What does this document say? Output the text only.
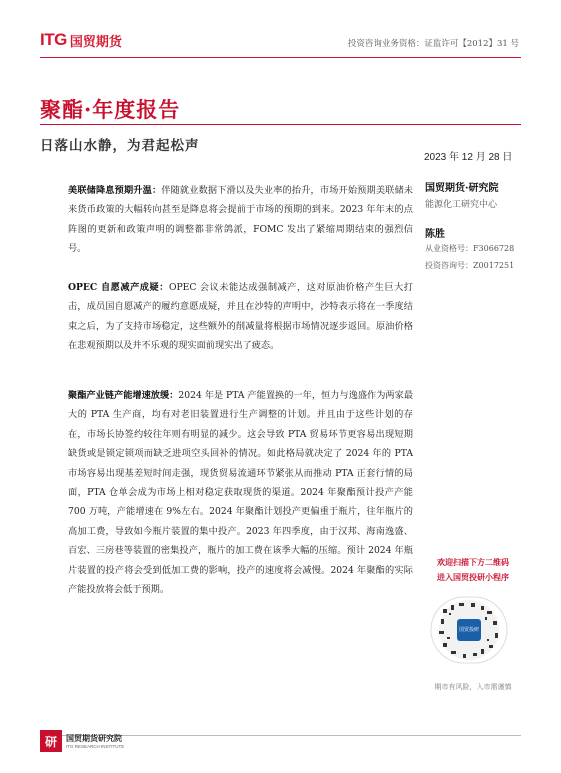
ITG 国贸期货	投资咨询业务资格：证监许可【2012】31 号
聚酯·年度报告
日落山水静，为君起松声
2023 年 12 月 28 日

美联储降息预期升温：伴随就业数据下滑以及失业率的抬升，市场开始预期美联储未来货币政策的大幅转向甚至是降息将会提前于市场的预期的到来。2023 年年末的点阵图的更新和政策声明的调整都非常鸽派，FOMC 发出了紧缩周期结束的强烈信号。

OPEC 自愿减产成疑：OPEC 会议未能达成强制减产，这对原油价格产生巨大打击，成员国自愿减产的履约意愿成疑，并且在沙特的声明中，沙特表示将在一季度结束之后，为了支持市场稳定，这些额外的削减量将根据市场情况逐步返回。原油价格在悲观预期以及并不乐观的现实面前现实出了疲态。

聚酯产业链产能增速放缓：2024 年是 PTA 产能置换的一年，恒力与逸盛作为两家最大的 PTA 生产商，均有对老旧装置进行生产调整的计划。并且由于这些计划的存在，市场长协签约较往年则有明显的减少。这会导致 PTA 贸易环节更容易出现短期缺货或是锁定锁项而缺乏进项空头回补的情况。如此格局就决定了 2024 年的 PTA 市场容易出现基差短时间走强，现货贸易流通环节紧张从而推动 PTA 正套行情的局面，PTA 仓单会成为市场上相对稳定获取现货的渠道。2024 年聚酯预计投产产能 700 万吨，产能增速在 9%左右。2024 年聚酯计划投产更偏重于瓶片，往年瓶片的高加工费，导致如今瓶片装置的集中投产。2023 年四季度，由于汉邦、海南逸盛、百宏、三房巷等装置的密集投产，瓶片的加工费在该季大幅的压缩。预计 2024 年瓶片装置的投产将会受到低加工费的影响，投产的速度将会减慢。2024 年聚酯的实际产能投放将会低于预期。

国贸期货·研究院
能源化工研究中心
陈胜
从业资格号：F3066728
投资咨询号：Z0017251
欢迎扫描下方二维码
进入国贸投研小程序
国贸投研
期市有风险，入市需谨慎
研	国贸期货研究院
ITG RESEARCH INSTITUTE
